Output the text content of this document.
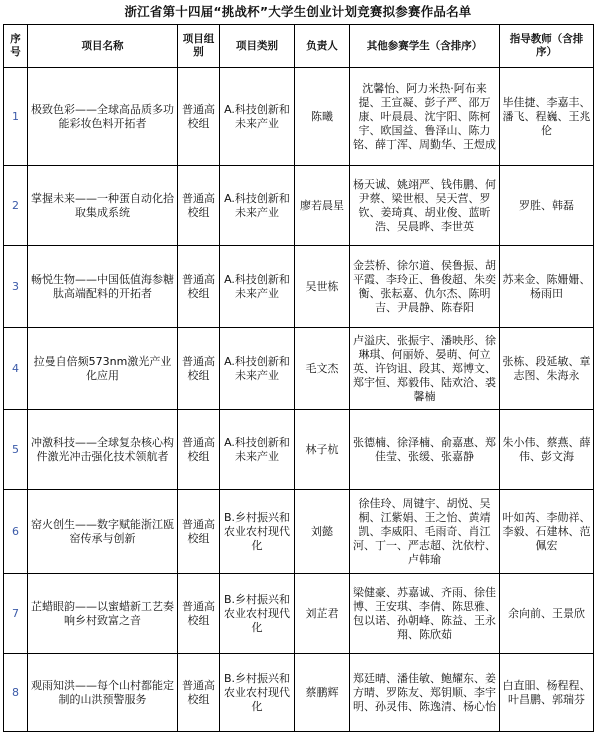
浙江省第十四届“挑战杯”大学生创业计划竞赛拟参赛作品名单
序号	项目名称	项目组别	项目类别	负责人	其他参赛学生（含排序）	指导教师（含排序）
1	极致色彩——全球高品质多功能彩妆色料开拓者	普通高校组	A.科技创新和未来产业	陈曦	沈馨怡、阿力米热·阿布来提、王宣凝、彭子严、邵万康、叶晨晨、沈宇阳、陈柯宇、欧国益、鲁泽山、陈力铭、薛丁浑、周勤华、王煜成	毕佳捷、李嘉丰、潘飞、程巍、王兆伦
2	掌握未来——一种蛋自动化拾取集成系统	普通高校组	A.科技创新和未来产业	廖若晨星	杨天诚、姚翊严、钱伟鹏、何尹蔡、梁世根、吴天营、罗钦、姜琦真、胡业俊、蓝昕浩、吴晨晔、李世英	罗胜、韩磊
3	畅悦生物——中国低值海参糖肽高端配料的开拓者	普通高校组	A.科技创新和未来产业	吴世栋	金芸桥、徐尔道、侯鲁振、胡平霞、李玲正、鲁俊超、朱奕衡、张耘嘉、仇尔杰、陈明吉、尹晨静、陈春阳	苏来金、陈姗姗、杨雨田
4	拉曼自倍频573nm激光产业化应用	普通高校组	A.科技创新和未来产业	毛文杰	卢溢庆、张振宇、潘映彤、徐琳琪、何丽娇、晏萌、何立英、许钧诅、段其、郑博文、郑宇恒、郑毅伟、陆欢洽、裘馨楠	张栋、段延敏、章志图、朱海永
5	冲激科技——全球复杂核心构件激光冲击强化技术领航者	普通高校组	A.科技创新和未来产业	林子杭	张德楠、徐泽楠、俞嘉惠、郑佳莹、张缓、张嘉静	朱小伟、蔡燕、薛伟、彭文海
6	窑火创生——数字赋能浙江瓯窑传承与创新	普通高校组	B.乡村振兴和农业农村现代化	刘懿	徐佳玲、周键宇、胡悦、吴桐、江紫娟、王之怡、黄靖凯、李威阳、毛雨奇、肖江河、丁一、严志超、沈依柠、卢韩瑜	叶如芮、李勋祥、李毅、石建林、范佩宏
7	芷蜡眼韵——以蜜蜡新工艺奏响乡村致富之音	普通高校组	B.乡村振兴和农业农村现代化	刘芷君	梁健豪、苏嘉诚、齐雨、徐佳博、王安琪、李倩、陈思雅、包以诺、孙朝峰、陈益、王永翔、陈欣茹	余向前、王景欣
8	观雨知洪——每个山村都能定制的山洪预警服务	普通高校组	B.乡村振兴和农业农村现代化	蔡鹏辉	郑廷晴、潘佳敏、鲍耀东、姜方晴、罗陈友、郑钥顺、李宇明、孙灵伟、陈逸清、杨心怡	白直昍、杨程程、叶昌鹏、郭瑞芬
